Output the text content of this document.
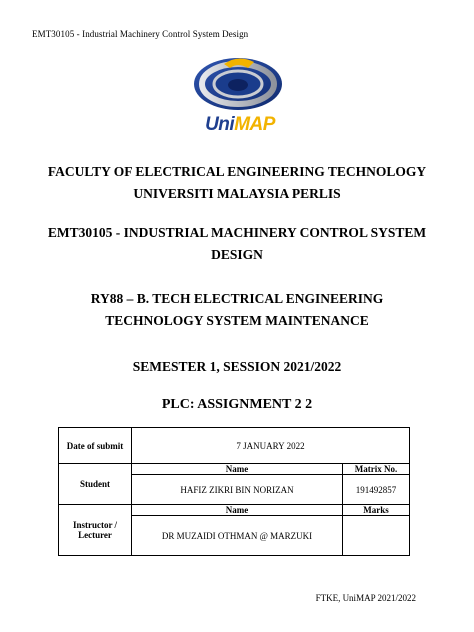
EMT30105 - Industrial Machinery Control System Design
UniMAP
FACULTY OF ELECTRICAL ENGINEERING TECHNOLOGY
UNIVERSITI MALAYSIA PERLIS
EMT30105 - INDUSTRIAL MACHINERY CONTROL SYSTEM
DESIGN
RY88 – B. TECH ELECTRICAL ENGINEERING
TECHNOLOGY SYSTEM MAINTENANCE
SEMESTER 1, SESSION 2021/2022
PLC: ASSIGNMENT 2 2
Date of submit	7 JANUARY 2022	
Student	Name	Matrix No.
	HAFIZ ZIKRI BIN NORIZAN	191492857
Instructor / Lecturer	Name	Marks
	DR MUZAIDI OTHMAN @ MARZUKI	
FTKE, UniMAP 2021/2022
